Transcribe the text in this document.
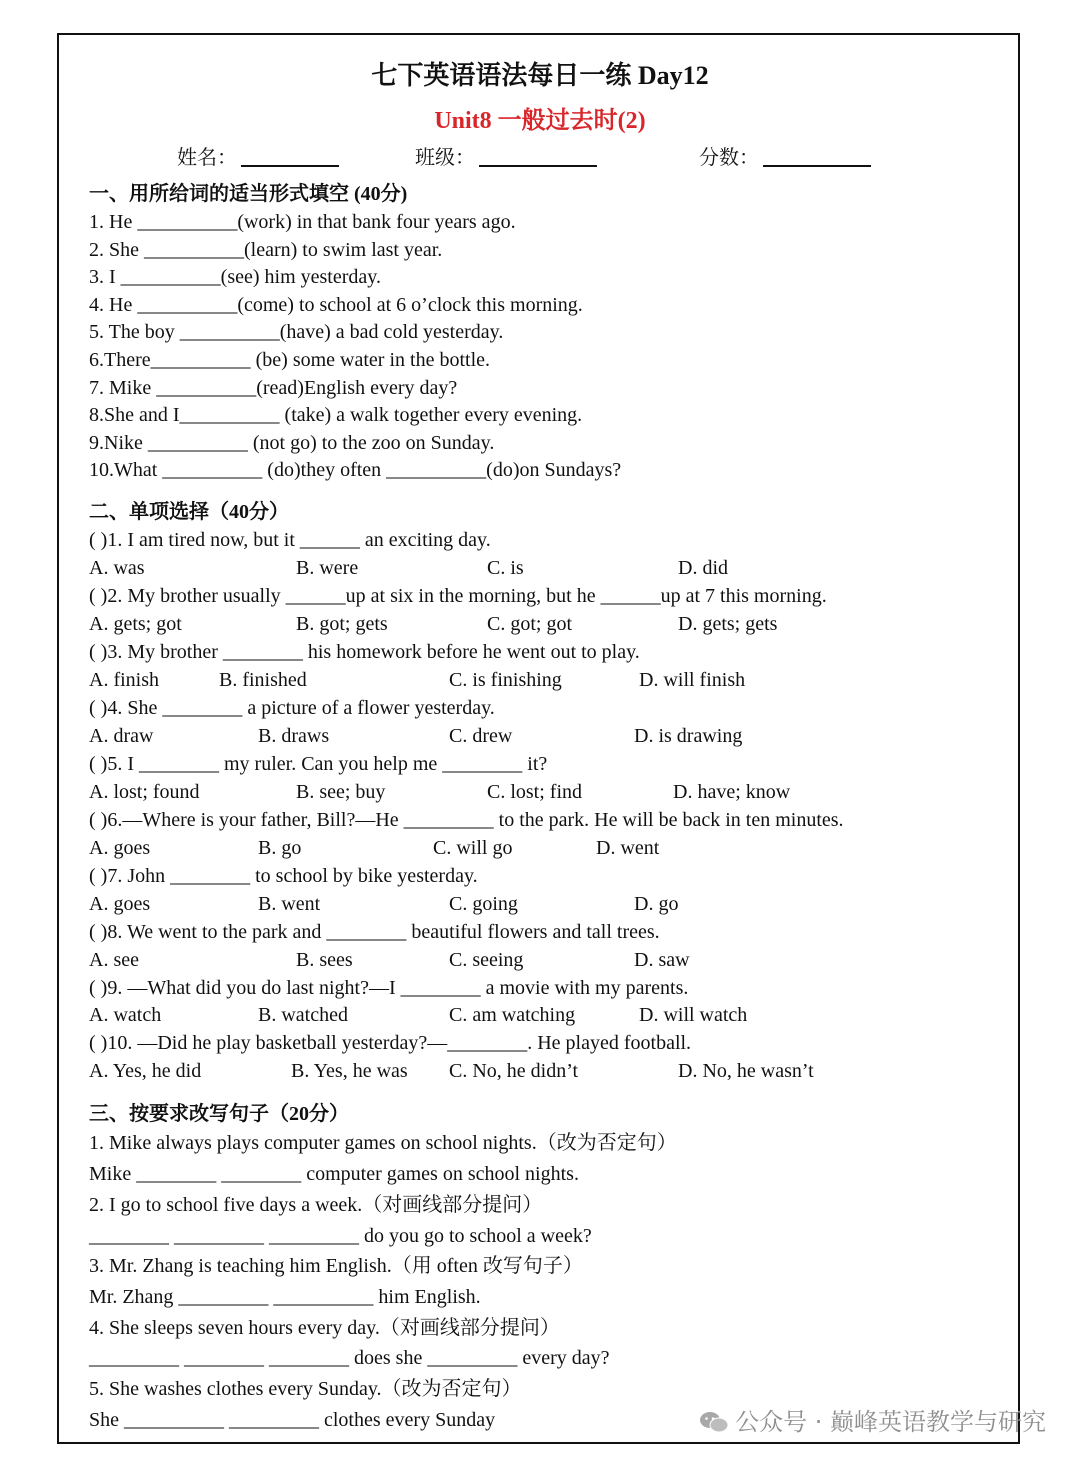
七下英语语法每日一练 Day12
Unit8 一般过去时(2)
姓名：	班级：	分数：
一、用所给词的适当形式填空 (40分)
1. He __________(work) in that bank four years ago.
2. She __________(learn) to swim last year.
3. I __________(see) him yesterday.
4. He __________(come) to school at 6 o’clock this morning.
5. The boy __________(have) a bad cold yesterday.
6.There__________ (be) some water in the bottle.
7. Mike __________(read)English every day?
8.She and I__________ (take) a walk together every evening.
9.Nike __________ (not go) to the zoo on Sunday.
10.What __________ (do)they often __________(do)on Sundays?
二、单项选择（40分）
( )1. I am tired now, but it ______ an exciting day.
A. was	B. were	C. is	D. did
( )2. My brother usually ______up at six in the morning, but he ______up at 7 this morning.
A. gets; got	B. got; gets	C. got; got	D. gets; gets
( )3. My brother ________ his homework before he went out to play.
A. finish	B. finished	C. is finishing	D. will finish
( )4. She ________ a picture of a flower yesterday.
A. draw	B. draws	C. drew	D. is drawing
( )5. I ________ my ruler. Can you help me ________ it?
A. lost; found	B. see; buy	C. lost; find	D. have; know
( )6.—Where is your father, Bill?—He _________ to the park. He will be back in ten minutes.
A. goes	B. go	C. will go	D. went
( )7. John ________ to school by bike yesterday.
A. goes	B. went	C. going	D. go
( )8. We went to the park and ________ beautiful flowers and tall trees.
A. see	B. sees	C. seeing	D. saw
( )9. —What did you do last night?—I ________ a movie with my parents.
A. watch	B. watched	C. am watching	D. will watch
( )10. —Did he play basketball yesterday?—________. He played football.
A. Yes, he did	B. Yes, he was C. No, he didn’t	D. No, he wasn’t
三、按要求改写句子（20分）
1. Mike always plays computer games on school nights.（改为否定句）
Mike ________ ________ computer games on school nights.
2. I go to school five days a week.（对画线部分提问）
________ _________ _________ do you go to school a week?
3. Mr. Zhang is teaching him English.（用 often 改写句子）
Mr. Zhang _________ __________ him English.
4. She sleeps seven hours every day.（对画线部分提问）
_________ ________ ________ does she _________ every day?
5. She washes clothes every Sunday.（改为否定句）
She __________ _________ clothes every Sunday	公众号 · 巅峰英语教学与研究
